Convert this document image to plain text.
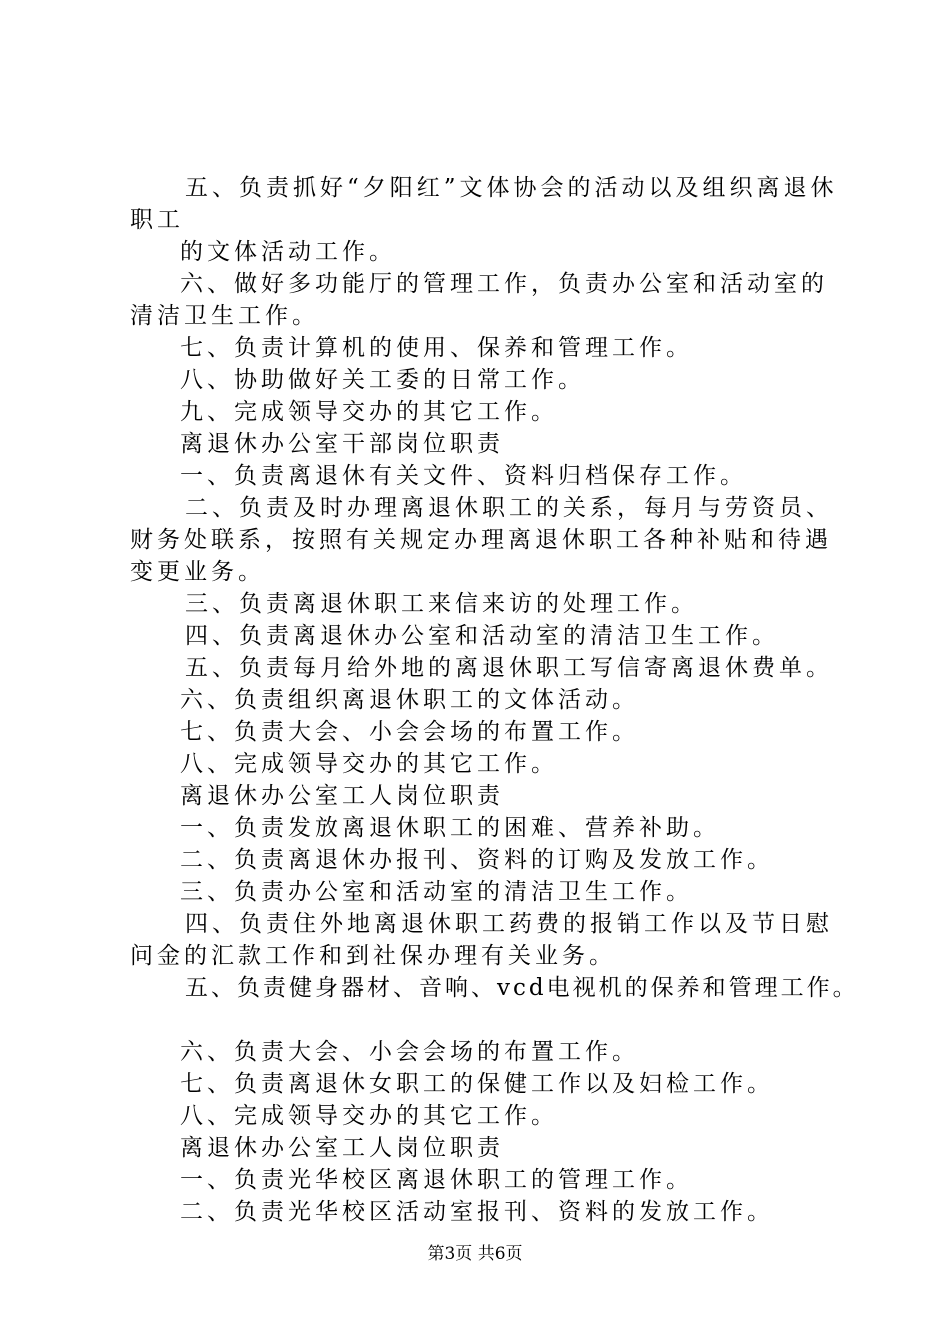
五、负责抓好“夕阳红”文体协会的活动以及组织离退休
职工
的文体活动工作。
六、做好多功能厅的管理工作，负责办公室和活动室的清洁卫生工作。
七、负责计算机的使用、保养和管理工作。
八、协助做好关工委的日常工作。
九、完成领导交办的其它工作。
离退休办公室干部岗位职责
一、负责离退休有关文件、资料归档保存工作。
二、负责及时办理离退休职工的关系，每月与劳资员、财务处联系，按照有关规定办理离退休职工各种补贴和待遇变更业务。
三、负责离退休职工来信来访的处理工作。
四、负责离退休办公室和活动室的清洁卫生工作。
五、负责每月给外地的离退休职工写信寄离退休费单。
六、负责组织离退休职工的文体活动。
七、负责大会、小会会场的布置工作。
八、完成领导交办的其它工作。
离退休办公室工人岗位职责
一、负责发放离退休职工的困难、营养补助。
二、负责离退休办报刊、资料的订购及发放工作。
三、负责办公室和活动室的清洁卫生工作。
四、负责住外地离退休职工药费的报销工作以及节日慰问金的汇款工作和到社保办理有关业务。
五、负责健身器材、音响、vcd电视机的保养和管理工作。
六、负责大会、小会会场的布置工作。
七、负责离退休女职工的保健工作以及妇检工作。
八、完成领导交办的其它工作。
离退休办公室工人岗位职责
一、负责光华校区离退休职工的管理工作。
二、负责光华校区活动室报刊、资料的发放工作。
第3页 共6页
